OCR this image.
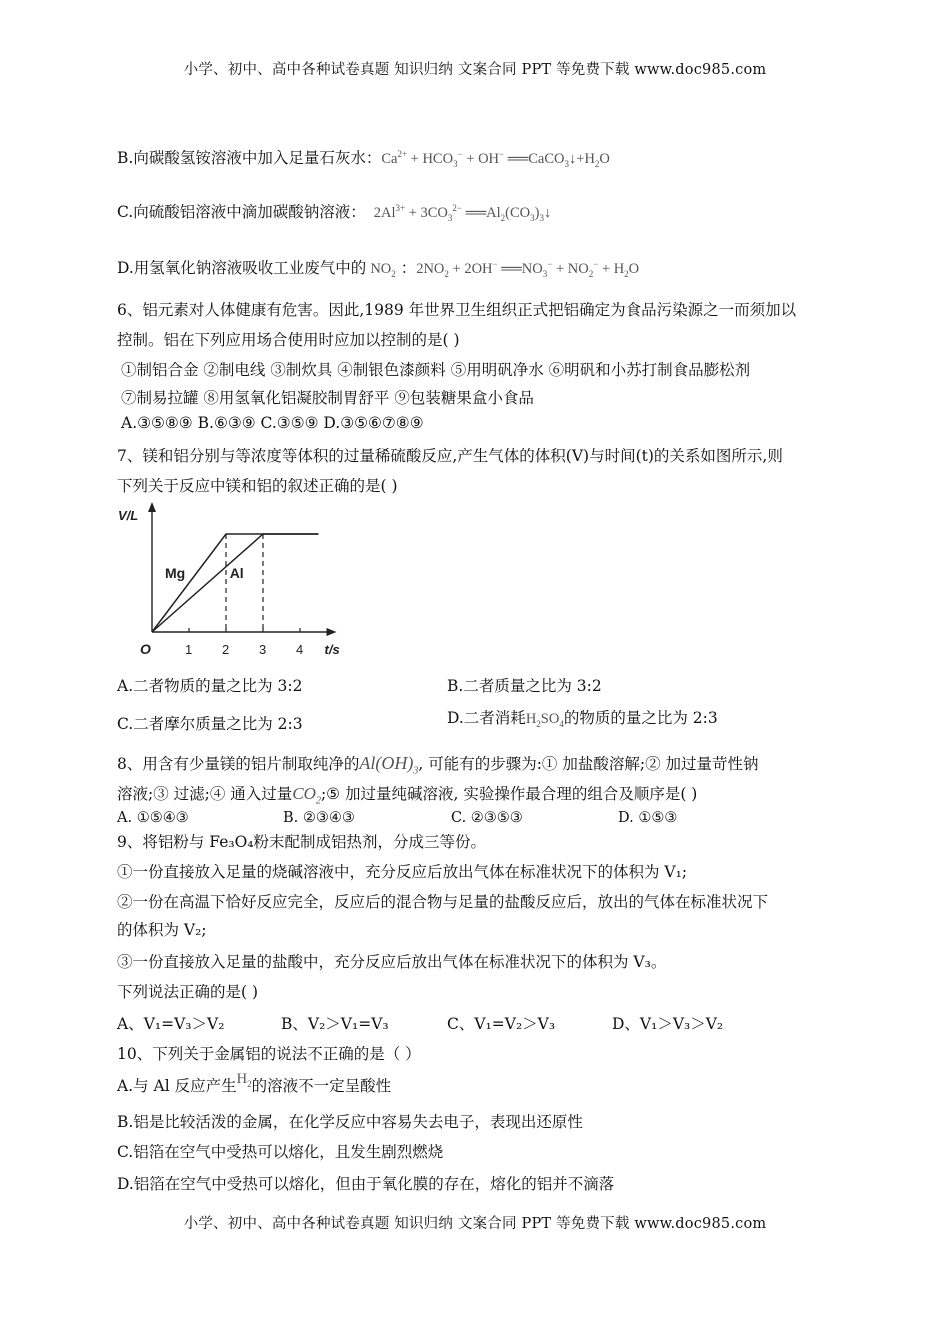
小学、初中、高中各种试卷真题 知识归纳 文案合同 PPT 等免费下载 www.doc985.com
B.向碳酸氢铵溶液中加入足量石灰水：$Ca^{2+} + HCO_3^- + OH^-$ $══CaCO_3↓+H_2O$
C.向硫酸铝溶液中滴加碳酸钠溶液： $2Al^{3+} + 3CO_3^{2-}$ $══Al_2(CO_3)_3↓$
D.用氢氧化钠溶液吸收工业废气中的 $NO_2$ ：$2NO_2 + 2OH^-$ $══NO_3^- + NO_2^- + H_2O$
6、铝元素对人体健康有危害。因此,1989 年世界卫生组织正式把铝确定为食品污染源之一而须加以
控制。铝在下列应用场合使用时应加以控制的是( )
①制铝合金 ②制电线 ③制炊具 ④制银色漆颜料 ⑤用明矾净水 ⑥明矾和小苏打制食品膨松剂
⑦制易拉罐 ⑧用氢氧化铝凝胶制胃舒平 ⑨包装糖果盒小食品
A.③⑤⑧⑨ B.⑥③⑨ C.③⑤⑨ D.③⑤⑥⑦⑧⑨
7、镁和铝分别与等浓度等体积的过量稀硫酸反应,产生气体的体积(V)与时间(t)的关系如图所示,则
下列关于反应中镁和铝的叙述正确的是( )
V/L
t/s
O	1 2 3 4
Mg	Al
A.二者物质的量之比为 3:2	B.二者质量之比为 3:2
C.二者摩尔质量之比为 2:3	D.二者消耗$H_2SO_4$的物质的量之比为 2:3
8、用含有少量镁的铝片制取纯净的$Al(OH)_3$, 可能有的步骤为:① 加盐酸溶解;② 加过量苛性钠
溶液;③ 过滤;④ 通入过量$CO_2;⑤$ 加过量纯碱溶液, 实验操作最合理的组合及顺序是( )
A. ①⑤④③	B. ②③④③	C. ②③⑤③	D. ①⑤③
9、将铝粉与 Fe₃O₄粉末配制成铝热剂，分成三等份。
①一份直接放入足量的烧碱溶液中，充分反应后放出气体在标准状况下的体积为 V₁;
②一份在高温下恰好反应完全，反应后的混合物与足量的盐酸反应后，放出的气体在标准状况下
的体积为 V₂;
③一份直接放入足量的盐酸中，充分反应后放出气体在标准状况下的体积为 V₃。
下列说法正确的是( )
A、V₁=V₃＞V₂	B、V₂＞V₁=V₃	C、V₁=V₂＞V₃	D、V₁＞V₃＞V₂
10、下列关于金属铝的说法不正确的是（ ）
A.与 Al 反应产生$H_2$的溶液不一定呈酸性
B.铝是比较活泼的金属，在化学反应中容易失去电子，表现出还原性
C.铝箔在空气中受热可以熔化，且发生剧烈燃烧
D.铝箔在空气中受热可以熔化，但由于氧化膜的存在，熔化的铝并不滴落
小学、初中、高中各种试卷真题 知识归纳 文案合同 PPT 等免费下载 www.doc985.com
